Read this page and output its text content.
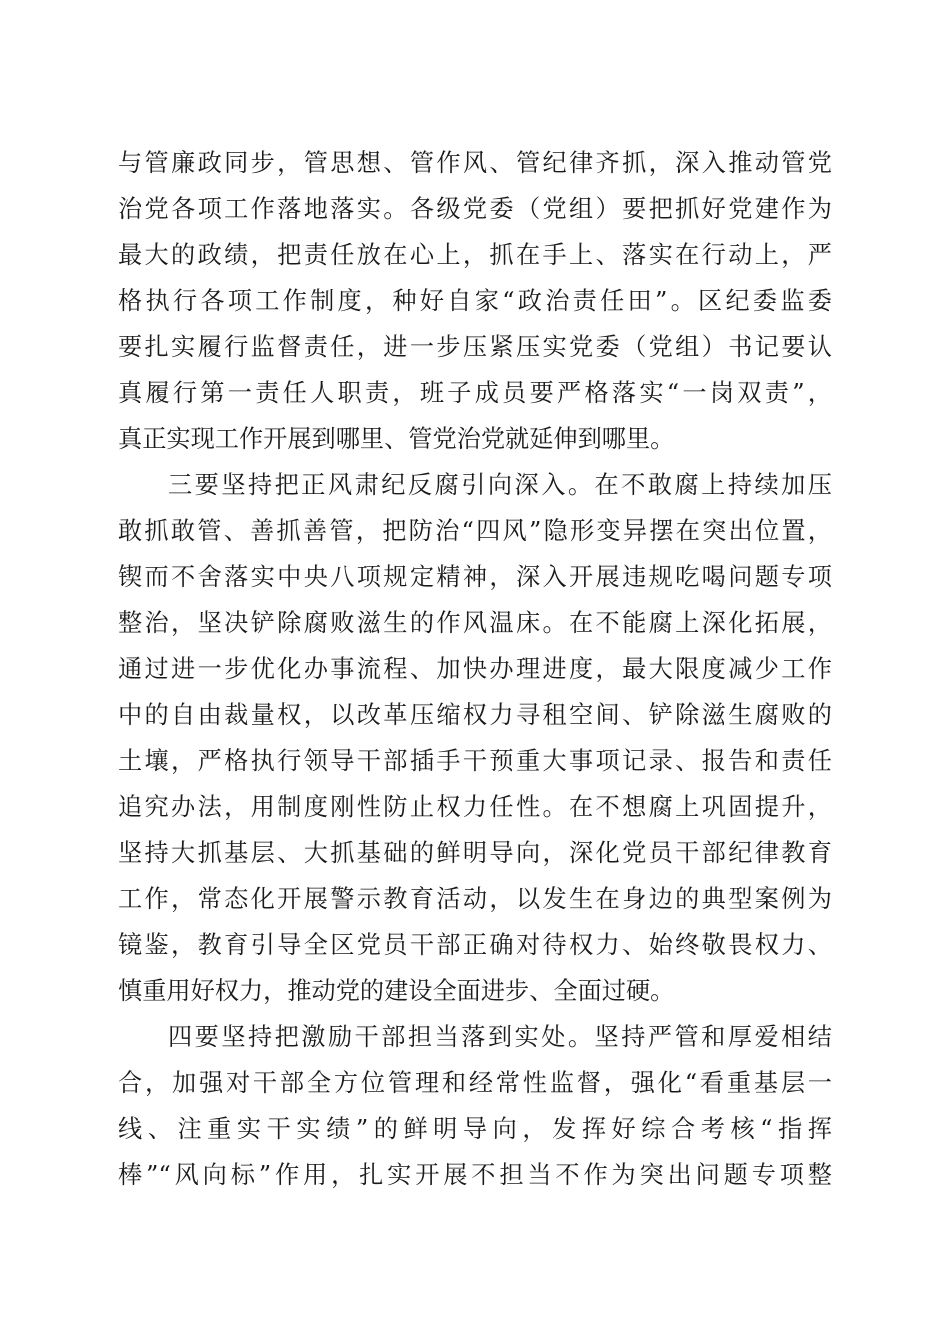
与管廉政同步，管思想、管作风、管纪律齐抓，深入推动管党
治党各项工作落地落实。各级党委（党组）要把抓好党建作为
最大的政绩，把责任放在心上，抓在手上、落实在行动上，严
格执行各项工作制度，种好自家“政治责任田”。区纪委监委
要扎实履行监督责任，进一步压紧压实党委（党组）书记要认
真履行第一责任人职责，班子成员要严格落实“一岗双责”，
真正实现工作开展到哪里、管党治党就延伸到哪里。
三要坚持把正风肃纪反腐引向深入。在不敢腐上持续加压
敢抓敢管、善抓善管，把防治“四风”隐形变异摆在突出位置，
锲而不舍落实中央八项规定精神，深入开展违规吃喝问题专项
整治，坚决铲除腐败滋生的作风温床。在不能腐上深化拓展，
通过进一步优化办事流程、加快办理进度，最大限度减少工作
中的自由裁量权，以改革压缩权力寻租空间、铲除滋生腐败的
土壤，严格执行领导干部插手干预重大事项记录、报告和责任
追究办法，用制度刚性防止权力任性。在不想腐上巩固提升，
坚持大抓基层、大抓基础的鲜明导向，深化党员干部纪律教育
工作，常态化开展警示教育活动，以发生在身边的典型案例为
镜鉴，教育引导全区党员干部正确对待权力、始终敬畏权力、
慎重用好权力，推动党的建设全面进步、全面过硬。
四要坚持把激励干部担当落到实处。坚持严管和厚爱相结
合，加强对干部全方位管理和经常性监督，强化“看重基层一
线、注重实干实绩”的鲜明导向，发挥好综合考核“指挥
棒”“风向标”作用，扎实开展不担当不作为突出问题专项整
